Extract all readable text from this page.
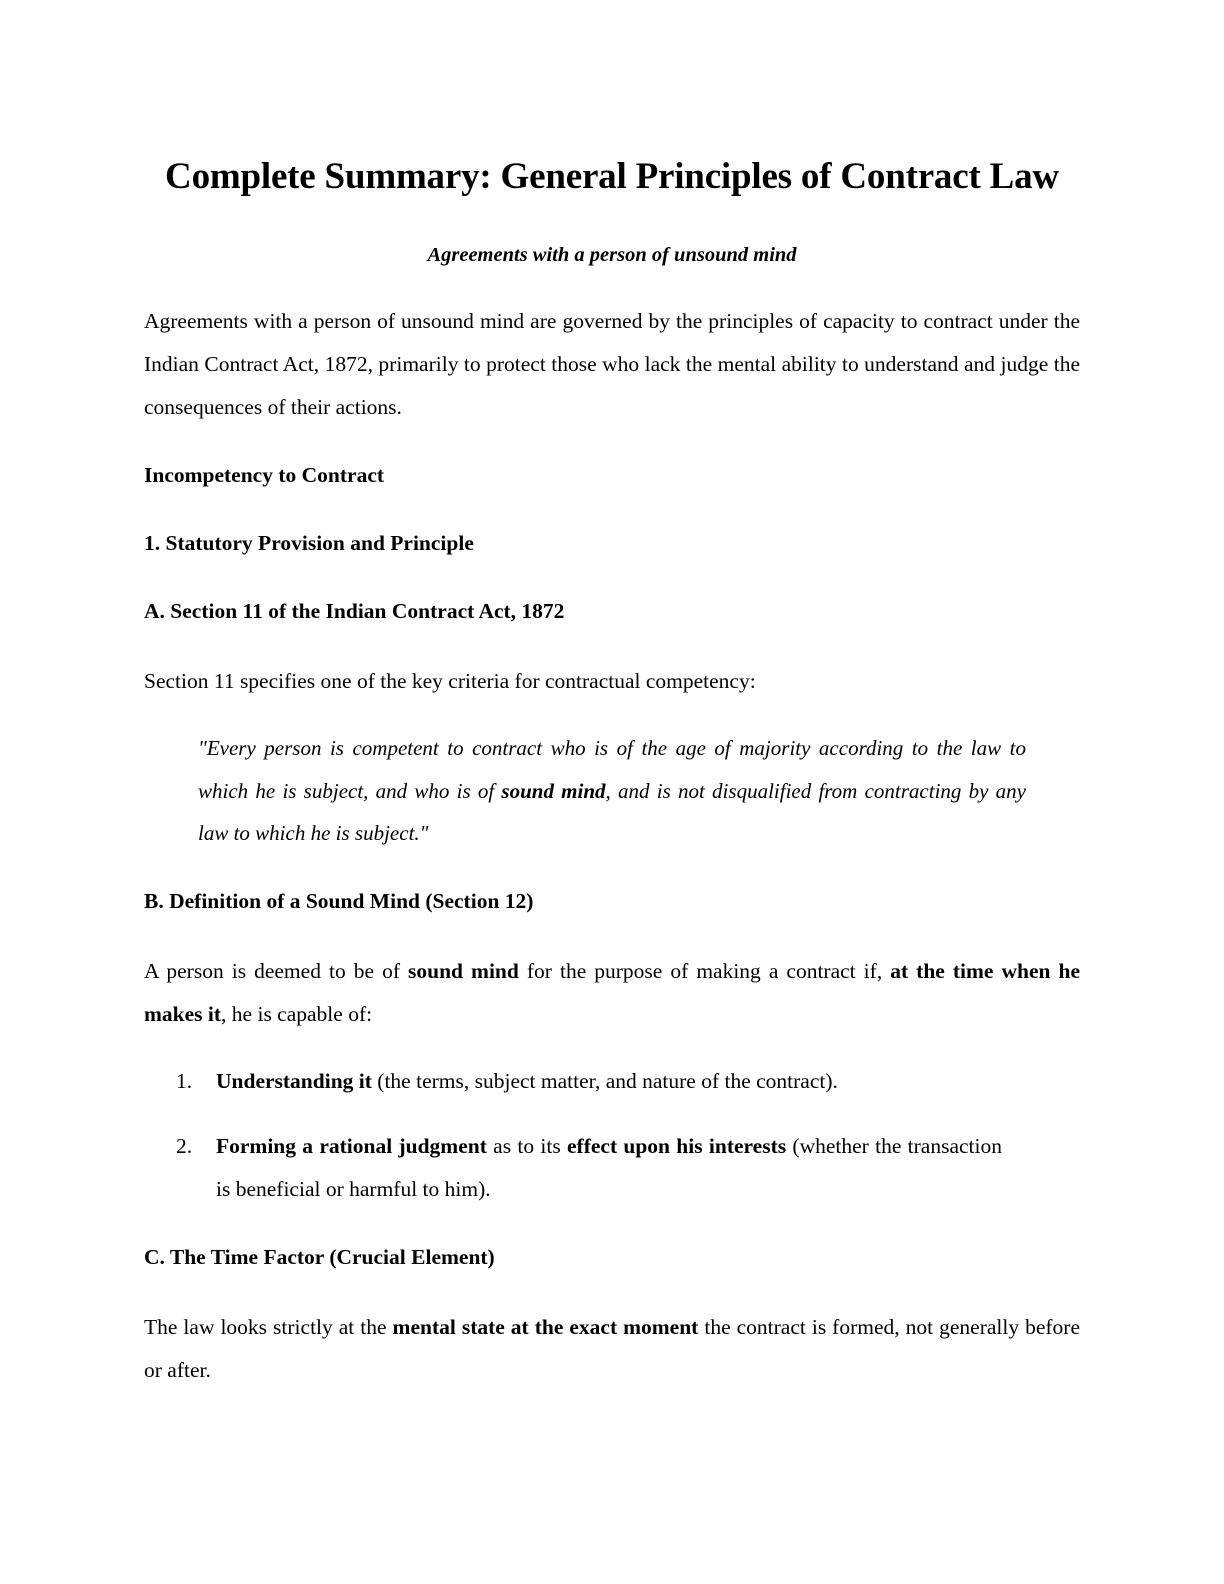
Complete Summary: General Principles of Contract Law

Agreements with a person of unsound mind

Agreements with a person of unsound mind are governed by the principles of capacity to contract under the Indian Contract Act, 1872, primarily to protect those who lack the mental ability to understand and judge the consequences of their actions.

Incompetency to Contract

1. Statutory Provision and Principle

A. Section 11 of the Indian Contract Act, 1872

Section 11 specifies one of the key criteria for contractual competency:

"Every person is competent to contract who is of the age of majority according to the law to which he is subject, and who is of sound mind, and is not disqualified from contracting by any law to which he is subject."

B. Definition of a Sound Mind (Section 12)

A person is deemed to be of sound mind for the purpose of making a contract if, at the time when he makes it, he is capable of:

Understanding it (the terms, subject matter, and nature of the contract).
Forming a rational judgment as to its effect upon his interests (whether the transaction is beneficial or harmful to him).

C. The Time Factor (Crucial Element)

The law looks strictly at the mental state at the exact moment the contract is formed, not generally before or after.
